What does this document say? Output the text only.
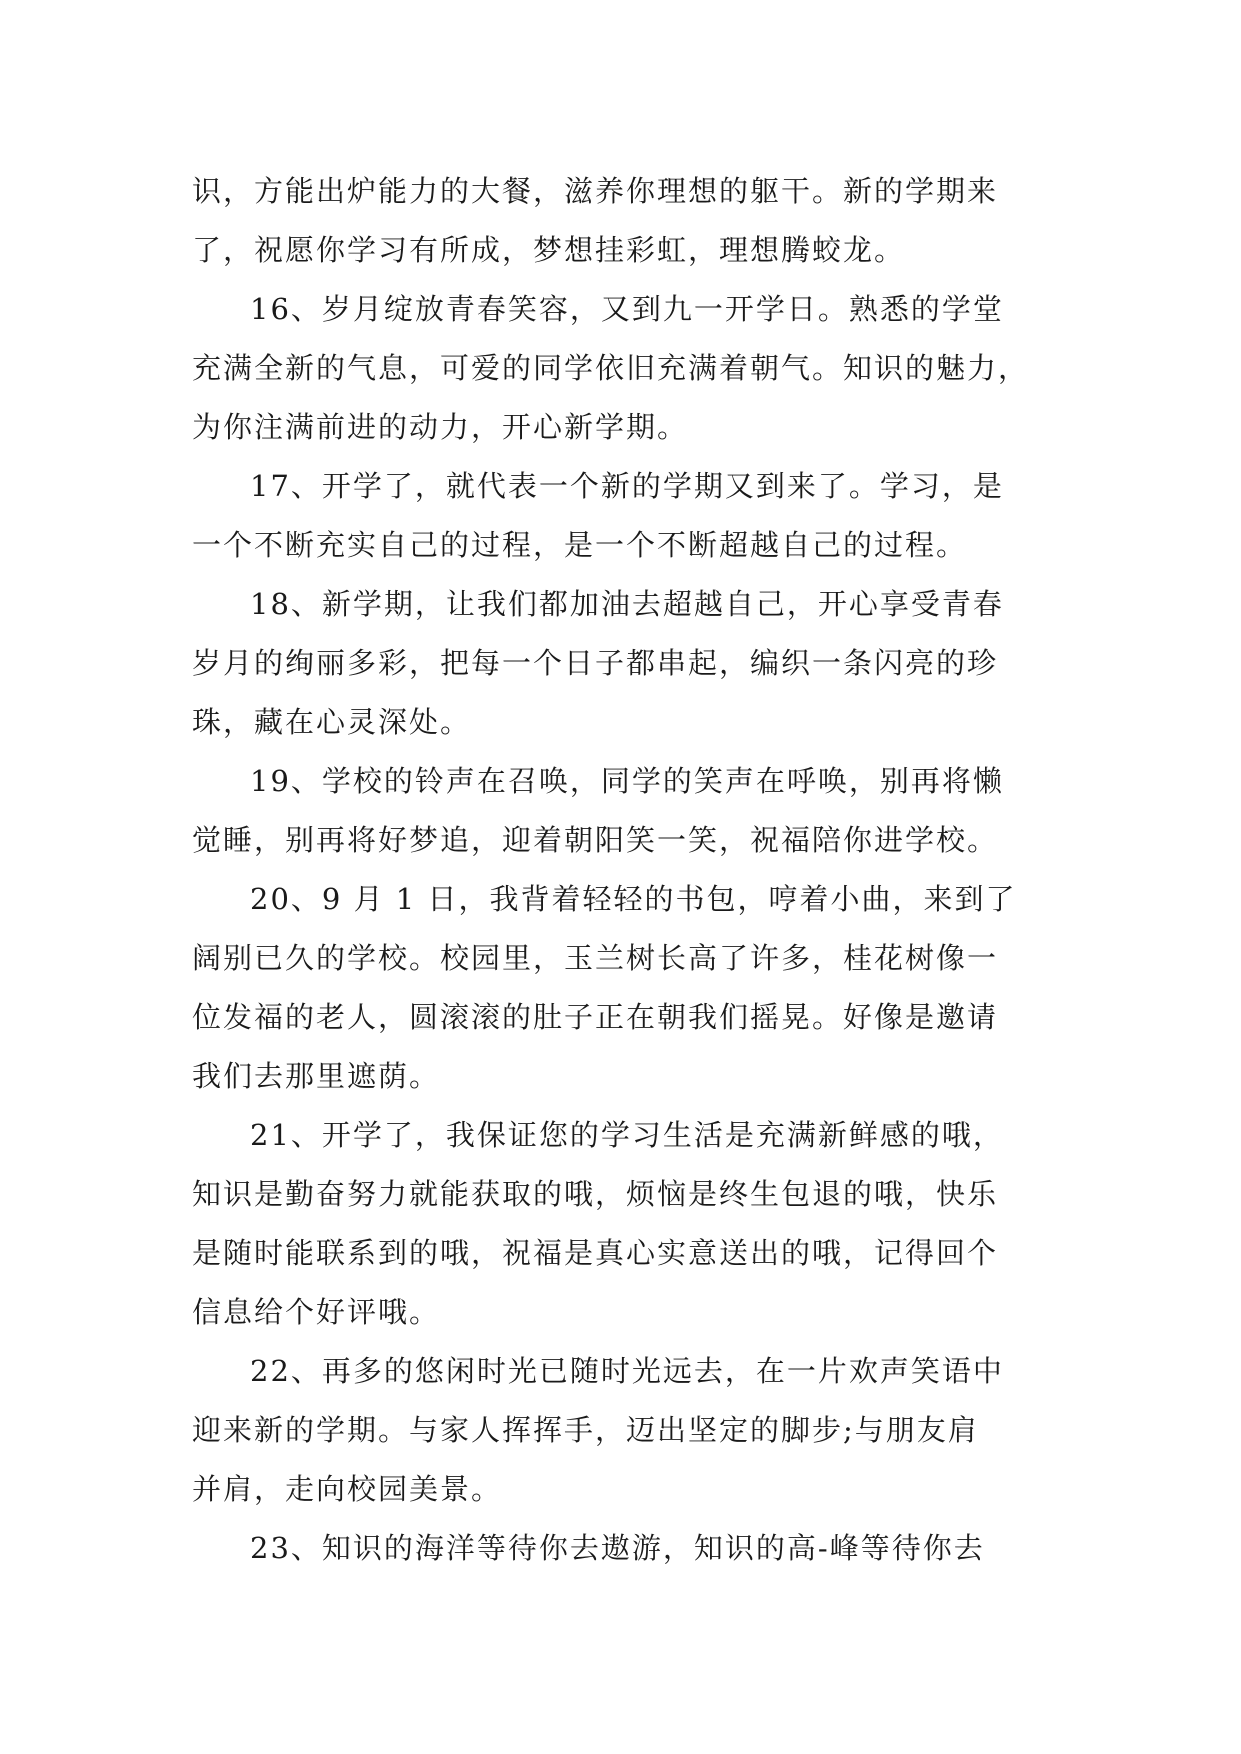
识，方能出炉能力的大餐，滋养你理想的躯干。新的学期来
了，祝愿你学习有所成，梦想挂彩虹，理想腾蛟龙。

16、岁月绽放青春笑容，又到九一开学日。熟悉的学堂
充满全新的气息，可爱的同学依旧充满着朝气。知识的魅力，
为你注满前进的动力，开心新学期。

17、开学了，就代表一个新的学期又到来了。学习，是
一个不断充实自己的过程，是一个不断超越自己的过程。

18、新学期，让我们都加油去超越自己，开心享受青春
岁月的绚丽多彩，把每一个日子都串起，编织一条闪亮的珍
珠，藏在心灵深处。

19、学校的铃声在召唤，同学的笑声在呼唤，别再将懒
觉睡，别再将好梦追，迎着朝阳笑一笑，祝福陪你进学校。

20、9 月 1 日，我背着轻轻的书包，哼着小曲，来到了
阔别已久的学校。校园里，玉兰树长高了许多，桂花树像一
位发福的老人，圆滚滚的肚子正在朝我们摇晃。好像是邀请
我们去那里遮荫。

21、开学了，我保证您的学习生活是充满新鲜感的哦，
知识是勤奋努力就能获取的哦，烦恼是终生包退的哦，快乐
是随时能联系到的哦，祝福是真心实意送出的哦，记得回个
信息给个好评哦。

22、再多的悠闲时光已随时光远去，在一片欢声笑语中
迎来新的学期。与家人挥挥手，迈出坚定的脚步;与朋友肩
并肩，走向校园美景。

23、知识的海洋等待你去遨游，知识的高-峰等待你去
